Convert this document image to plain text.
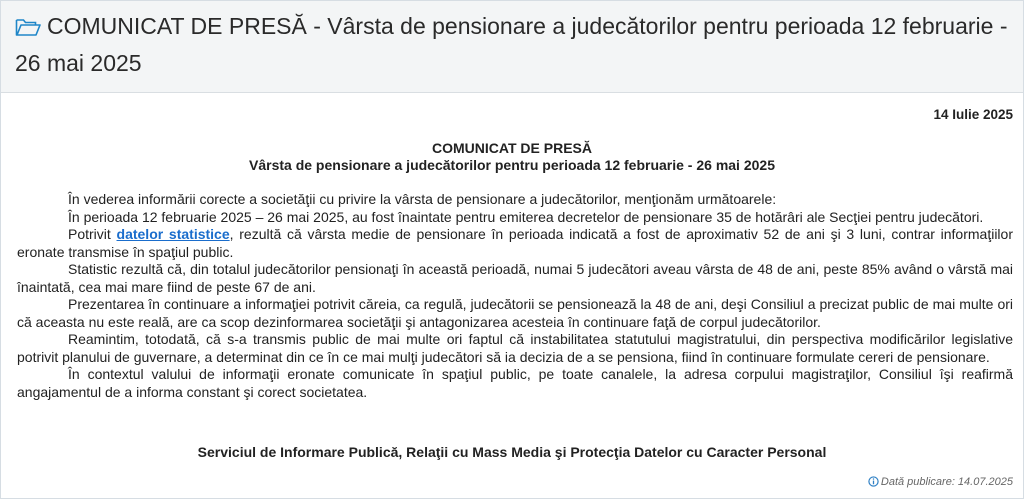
COMUNICAT DE PRESĂ - Vârsta de pensionare a judecătorilor pentru perioada 12 februarie - 26 mai 2025
14 Iulie 2025
COMUNICAT DE PRESĂ
Vârsta de pensionare a judecătorilor pentru perioada 12 februarie - 26 mai 2025

În vederea informării corecte a societăţii cu privire la vârsta de pensionare a judecătorilor, menţionăm următoarele:

În perioada 12 februarie 2025 – 26 mai 2025, au fost înaintate pentru emiterea decretelor de pensionare 35 de hotărâri ale Secţiei pentru judecători.

Potrivit datelor statistice, rezultă că vârsta medie de pensionare în perioada indicată a fost de aproximativ 52 de ani şi 3 luni, contrar informaţiilor eronate transmise în spaţiul public.

Statistic rezultă că, din totalul judecătorilor pensionaţi în această perioadă, numai 5 judecători aveau vârsta de 48 de ani, peste 85% având o vârstă mai înaintată, cea mai mare fiind de peste 67 de ani.

Prezentarea în continuare a informaţiei potrivit căreia, ca regulă, judecătorii se pensionează la 48 de ani, deşi Consiliul a precizat public de mai multe ori că aceasta nu este reală, are ca scop dezinformarea societăţii şi antagonizarea acesteia în continuare faţă de corpul judecătorilor.

Reamintim, totodată, că s-a transmis public de mai multe ori faptul că instabilitatea statutului magistratului, din perspectiva modificărilor legislative potrivit planului de guvernare, a determinat din ce în ce mai mulţi judecători să ia decizia de a se pensiona, fiind în continuare formulate cereri de pensionare.

În contextul valului de informaţii eronate comunicate în spaţiul public, pe toate canalele, la adresa corpului magistraţilor, Consiliul îşi reafirmă angajamentul de a informa constant şi corect societatea.

Serviciul de Informare Publică, Relaţii cu Mass Media şi Protecţia Datelor cu Caracter Personal
Dată publicare: 14.07.2025
